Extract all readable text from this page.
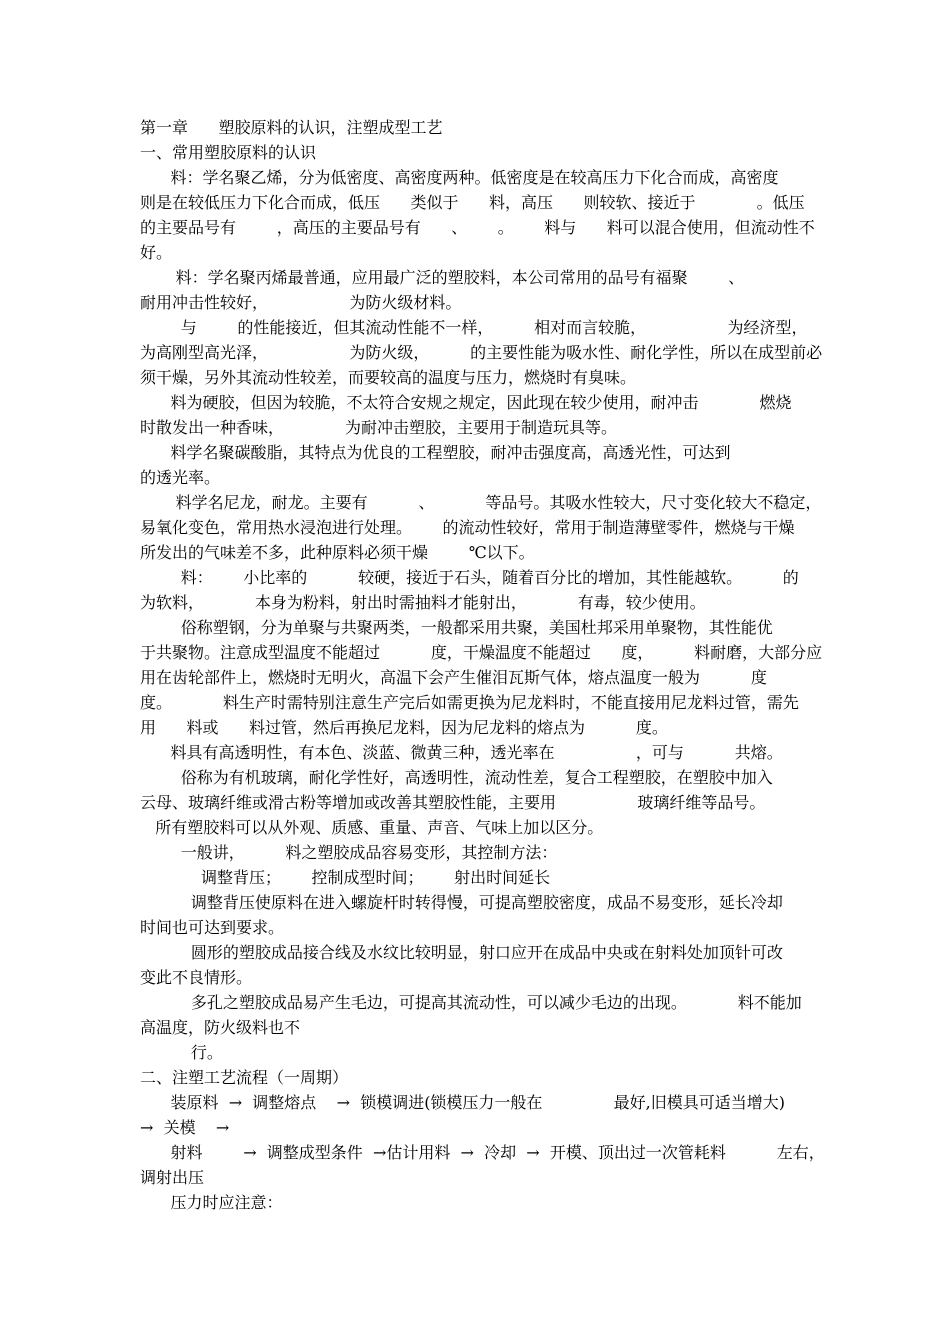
第一章      塑胶原料的认识，注塑成型工艺

一、常用塑胶原料的认识

料：学名聚乙烯，分为低密度、高密度两种。低密度是在较高压力下化合而成，高密度

则是在较低压力下化合而成，低压      类似于      料，高压      则较软、接近于            。低压

的主要品号有        ，高压的主要品号有      、      。      料与      料可以混合使用，但流动性不

好。

料：学名聚丙烯最普通，应用最广泛的塑胶料，本公司常用的品号有福聚        、

耐用冲击性较好，                为防火级材料。

与        的性能接近，但其流动性能不一样，        相对而言较脆，                为经济型，

为高刚型高光泽，                为防火级，        的主要性能为吸水性、耐化学性，所以在成型前必

须干燥，另外其流动性较差，而要较高的温度与压力，燃烧时有臭味。

料为硬胶，但因为较脆，不太符合安规之规定，因此现在较少使用，耐冲击            燃烧

时散发出一种香味，            为耐冲击塑胶，主要用于制造玩具等。

料学名聚碳酸脂，其特点为优良的工程塑胶，耐冲击强度高，高透光性，可达到

的透光率。

料学名尼龙，耐龙。主要有          、          等品号。其吸水性较大，尺寸变化较大不稳定，

易氧化变色，常用热水浸泡进行处理。      的流动性较好，常用于制造薄壁零件，燃烧与干燥

所发出的气味差不多，此种原料必须干燥        ℃以下。

料：      小比率的          较硬，接近于石头，随着百分比的增加，其性能越软。        的

为软料，          本身为粉料，射出时需抽料才能射出，          有毒，较少使用。

俗称塑钢，分为单聚与共聚两类，一般都采用共聚，美国杜邦采用单聚物，其性能优

于共聚物。注意成型温度不能超过          度，干燥温度不能超过      度，        料耐磨，大部分应

用在齿轮部件上，燃烧时无明火，高温下会产生催泪瓦斯气体，熔点温度一般为          度

度。          料生产时需特别注意生产完后如需更换为尼龙料时，不能直接用尼龙料过管，需先

用      料或      料过管，然后再换尼龙料，因为尼龙料的熔点为          度。

料具有高透明性，有本色、淡蓝、微黄三种，透光率在                ，可与          共熔。

俗称为有机玻璃，耐化学性好，高透明性，流动性差，复合工程塑胶，在塑胶中加入

云母、玻璃纤维或滑古粉等增加或改善其塑胶性能，主要用                玻璃纤维等品号。

所有塑胶料可以从外观、质感、重量、声音、气味上加以区分。

一般讲，        料之塑胶成品容易变形，其控制方法：

调整背压；      控制成型时间；      射出时间延长

调整背压使原料在进入螺旋杆时转得慢，可提高塑胶密度，成品不易变形，延长冷却

时间也可达到要求。

圆形的塑胶成品接合线及水纹比较明显，射口应开在成品中央或在射料处加顶针可改

变此不良情形。

多孔之塑胶成品易产生毛边，可提高其流动性，可以减少毛边的出现。          料不能加

高温度，防火级料也不

行。

二、注塑工艺流程（一周期）

装原料  →  调整熔点    →  锁模调进(锁模压力一般在              最好,旧模具可适当增大)

→  关模    →

射料        →  调整成型条件  →估计用料  →  冷却  →  开模、顶出过一次管耗料          左右，

调射出压

压力时应注意：
